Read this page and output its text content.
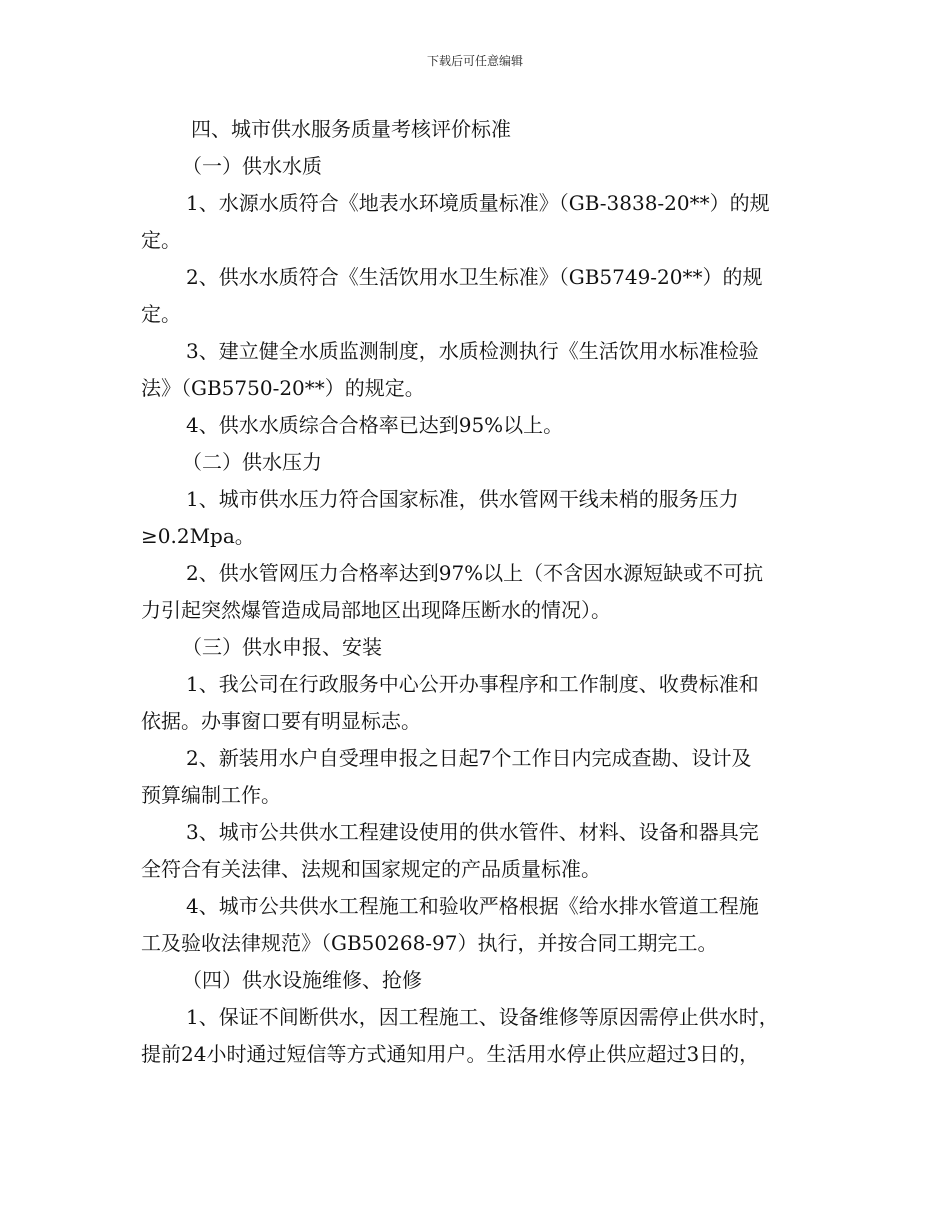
下载后可任意编辑
四、城市供水服务质量考核评价标准
（一）供水水质
1、水源水质符合《地表水环境质量标准》（GB-3838-20**）的规
定。
2、供水水质符合《生活饮用水卫生标准》（GB5749-20**）的规
定。
3、建立健全水质监测制度，水质检测执行《生活饮用水标准检验
法》（GB5750-20**）的规定。
4、供水水质综合合格率已达到95%以上。
（二）供水压力
1、城市供水压力符合国家标准，供水管网干线未梢的服务压力
≥0.2Mpa。
2、供水管网压力合格率达到97%以上（不含因水源短缺或不可抗
力引起突然爆管造成局部地区出现降压断水的情况）。
（三）供水申报、安装
1、我公司在行政服务中心公开办事程序和工作制度、收费标准和
依据。办事窗口要有明显标志。
2、新装用水户自受理申报之日起7个工作日内完成查勘、设计及
预算编制工作。
3、城市公共供水工程建设使用的供水管件、材料、设备和器具完
全符合有关法律、法规和国家规定的产品质量标准。
4、城市公共供水工程施工和验收严格根据《给水排水管道工程施
工及验收法律规范》（GB50268-97）执行，并按合同工期完工。
（四）供水设施维修、抢修
1、保证不间断供水，因工程施工、设备维修等原因需停止供水时，
提前24小时通过短信等方式通知用户。生活用水停止供应超过3日的，
